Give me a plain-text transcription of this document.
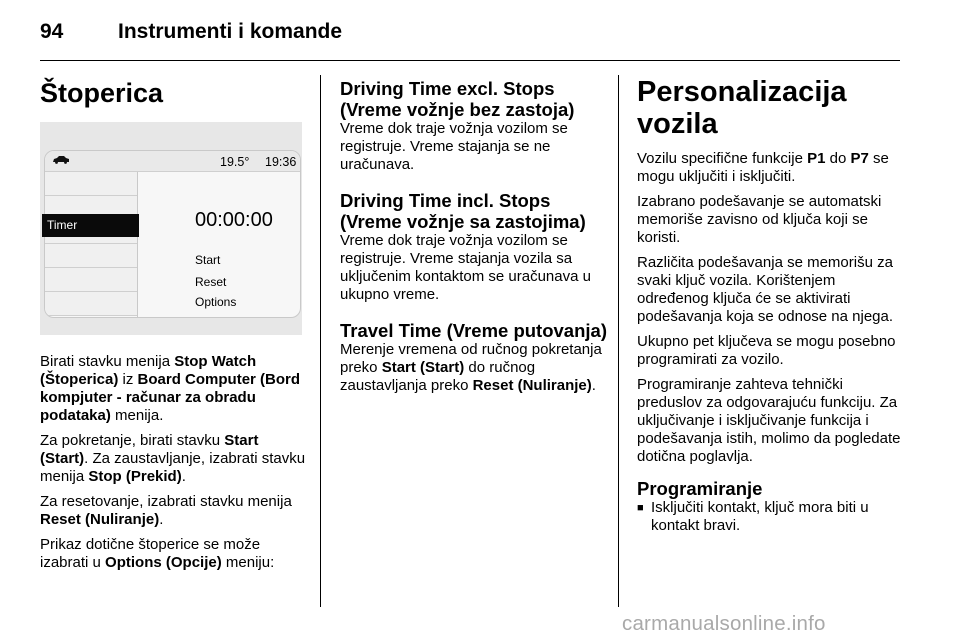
94	Instrumenti i komande
Štoperica
19.5° 19:36
00:00:00
Start
Reset
Options
Timer

Birati stavku menija Stop Watch (Štoperica) iz Board Computer (Bord kompjuter - računar za obradu podataka) menija.

Za pokretanje, birati stavku Start (Start). Za zaustavljanje, izabrati stavku menija Stop (Prekid).

Za resetovanje, izabrati stavku menija Reset (Nuliranje).

Prikaz dotične štoperice se može izabrati u Options (Opcije) meniju:

Driving Time excl. Stops (Vreme vožnje bez zastoja)

Vreme dok traje vožnja vozilom se registruje. Vreme stajanja se ne uračunava.

Driving Time incl. Stops (Vreme vožnje sa zastojima)

Vreme dok traje vožnja vozilom se registruje. Vreme stajanja vozila sa uključenim kontaktom se uračunava u ukupno vreme.

Travel Time (Vreme putovanja)

Merenje vremena od ručnog pokretanja preko Start (Start) do ručnog zaustavljanja preko Reset (Nuliranje).

Personalizacija vozila

Vozilu specifične funkcije P1 do P7 se mogu uključiti i isključiti.

Izabrano podešavanje se automatski memoriše zavisno od ključa koji se koristi.

Različita podešavanja se memorišu za svaki ključ vozila. Korištenjem određenog ključa će se aktivirati podešavanja koja se odnose na njega.

Ukupno pet ključeva se mogu posebno programirati za vozilo.

Programiranje zahteva tehnički preduslov za odgovarajuću funkciju. Za uključivanje i isključivanje funkcija i podešavanja istih, molimo da pogledate dotična poglavlja.

Programiranje
■ Isključiti kontakt, ključ mora biti u kontakt bravi.
carmanualsonline.info
